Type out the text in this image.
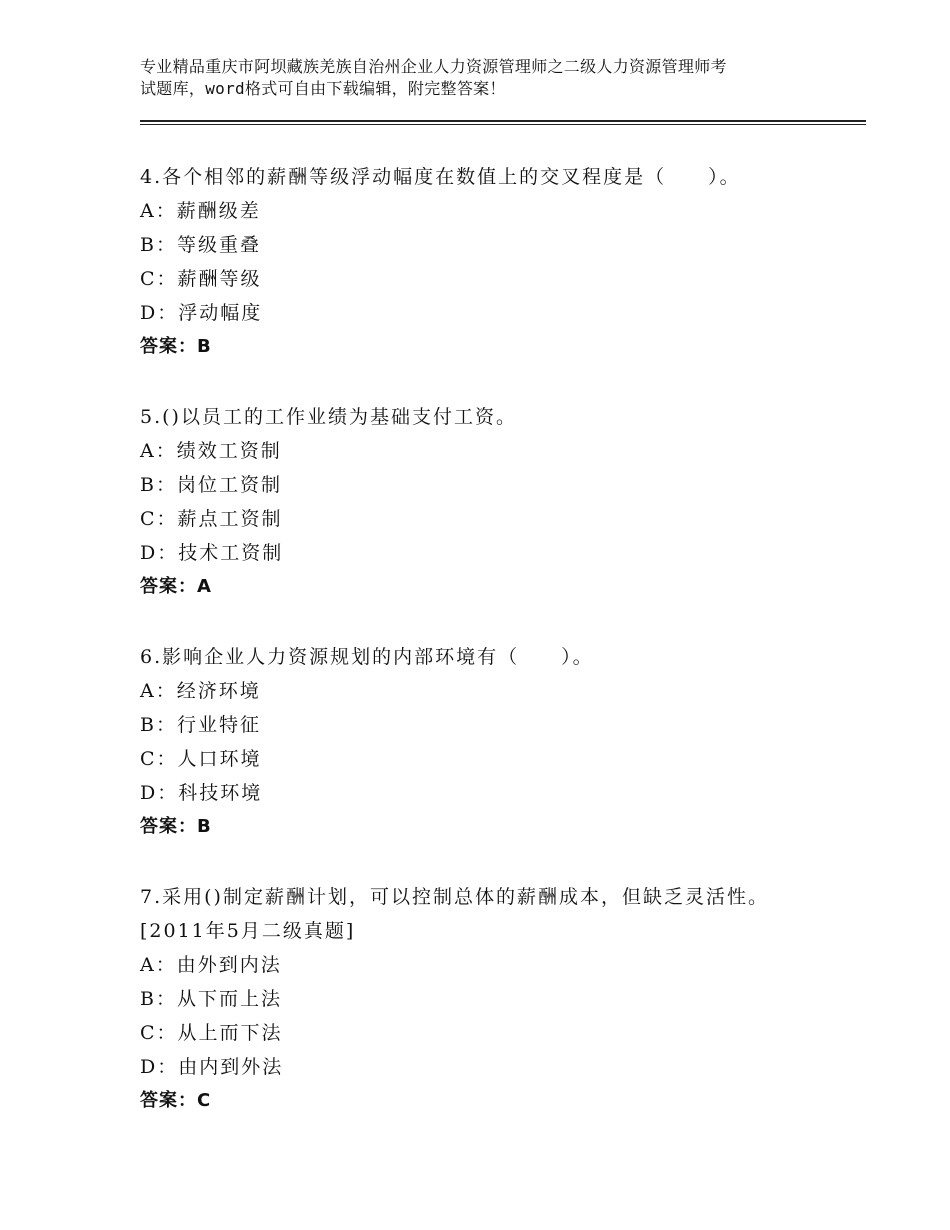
专业精品重庆市阿坝藏族羌族自治州企业人力资源管理师之二级人力资源管理师考
试题库，word格式可自由下载编辑，附完整答案！
4.各个相邻的薪酬等级浮动幅度在数值上的交叉程度是（　　）。
A：薪酬级差
B：等级重叠
C：薪酬等级
D：浮动幅度
答案：B
5.()以员工的工作业绩为基础支付工资。
A：绩效工资制
B：岗位工资制
C：薪点工资制
D：技术工资制
答案：A
6.影响企业人力资源规划的内部环境有（　　）。
A：经济环境
B：行业特征
C：人口环境
D：科技环境
答案：B
7.采用()制定薪酬计划，可以控制总体的薪酬成本，但缺乏灵活性。
[2011年5月二级真题]
A：由外到内法
B：从下而上法
C：从上而下法
D：由内到外法
答案：C
